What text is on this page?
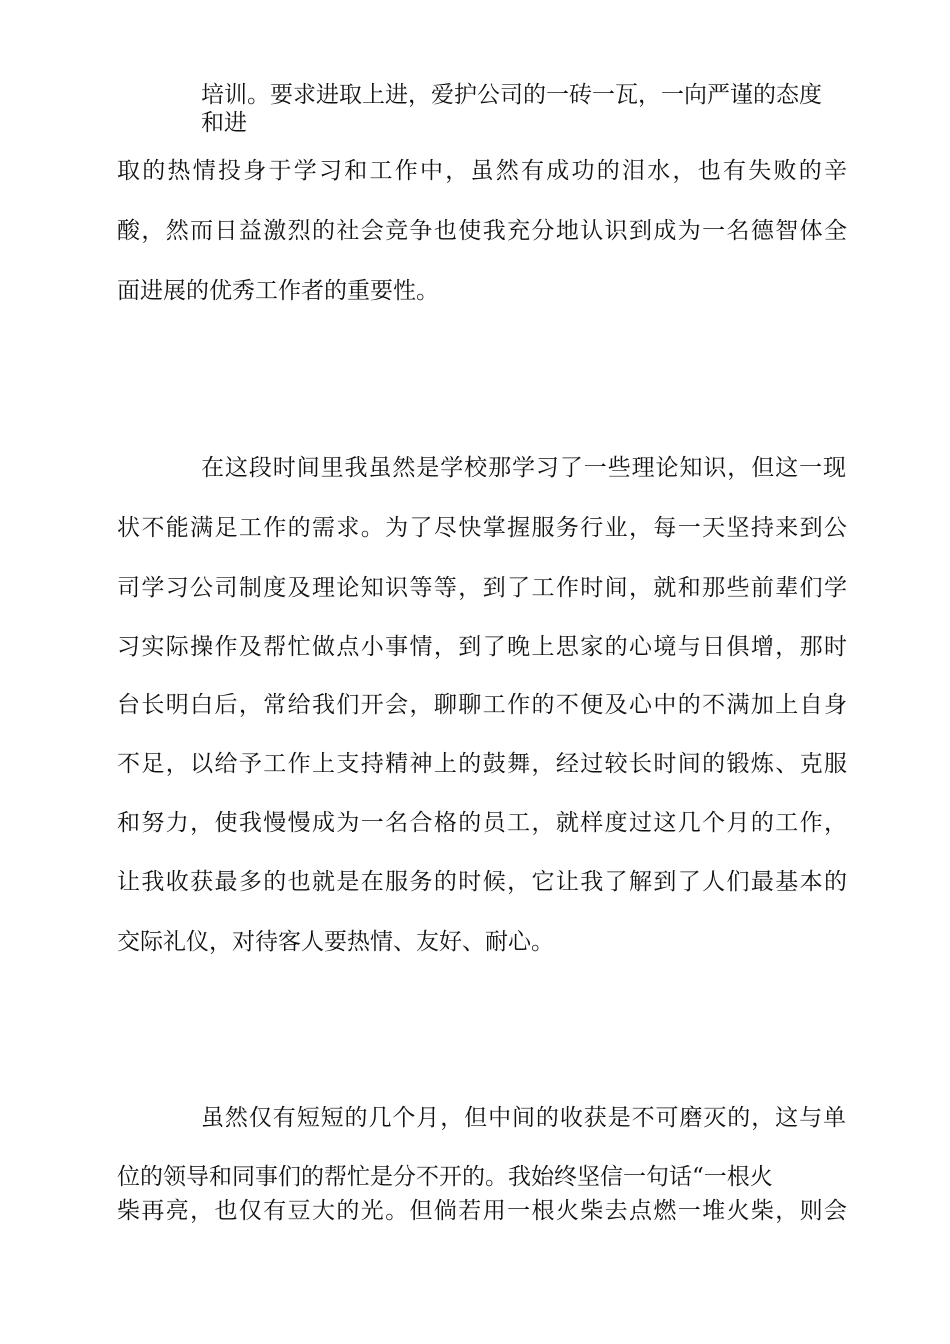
培训。要求进取上进，爱护公司的一砖一瓦，一向严谨的态度
和进
取的热情投身于学习和工作中，虽然有成功的泪水，也有失败的辛
酸，然而日益激烈的社会竞争也使我充分地认识到成为一名德智体全
面进展的优秀工作者的重要性。
在这段时间里我虽然是学校那学习了一些理论知识，但这一现
状不能满足工作的需求。为了尽快掌握服务行业，每一天坚持来到公
司学习公司制度及理论知识等等，到了工作时间，就和那些前辈们学
习实际操作及帮忙做点小事情，到了晚上思家的心境与日俱增，那时
台长明白后，常给我们开会，聊聊工作的不便及心中的不满加上自身
不足，以给予工作上支持精神上的鼓舞，经过较长时间的锻炼、克服
和努力，使我慢慢成为一名合格的员工，就样度过这几个月的工作，
让我收获最多的也就是在服务的时候，它让我了解到了人们最基本的
交际礼仪，对待客人要热情、友好、耐心。
虽然仅有短短的几个月，但中间的收获是不可磨灭的，这与单
位的领导和同事们的帮忙是分不开的。我始终坚信一句话“一根火
柴再亮，也仅有豆大的光。但倘若用一根火柴去点燃一堆火柴，则会
